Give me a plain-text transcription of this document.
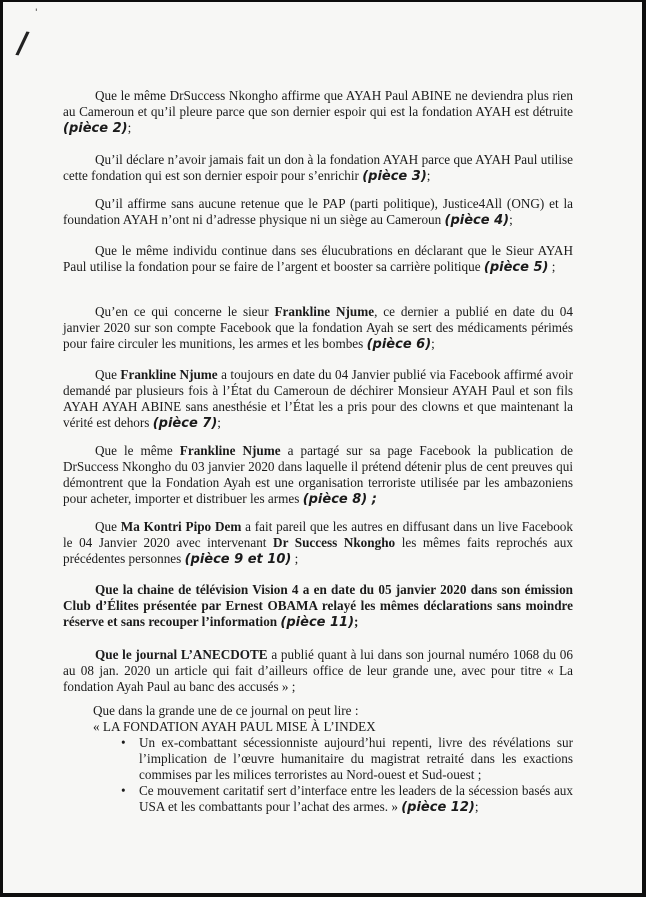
/
'
Que le même DrSuccess Nkongho affirme que AYAH Paul ABINE ne deviendra plus rien au Cameroun et qu’il pleure parce que son dernier espoir qui est la fondation AYAH est détruite (pièce 2);
Qu’il déclare n’avoir jamais fait un don à la fondation AYAH parce que AYAH Paul utilise cette fondation qui est son dernier espoir pour s’enrichir (pièce 3);
Qu’il affirme sans aucune retenue que le PAP (parti politique), Justice4All (ONG) et la foundation AYAH n’ont ni d’adresse physique ni un siège au Cameroun (pièce 4);
Que le même individu continue dans ses élucubrations en déclarant que le Sieur AYAH Paul utilise la fondation pour se faire de l’argent et booster sa carrière politique (pièce 5) ;
Qu’en ce qui concerne le sieur Frankline Njume, ce dernier a publié en date du 04 janvier 2020 sur son compte Facebook que la fondation Ayah se sert des médicaments périmés pour faire circuler les munitions, les armes et les bombes (pièce 6);
Que Frankline Njume a toujours en date du 04 Janvier publié via Facebook affirmé avoir demandé par plusieurs fois à l’État du Cameroun de déchirer Monsieur AYAH Paul et son fils AYAH AYAH ABINE sans anesthésie et l’État les a pris pour des clowns et que maintenant la vérité est dehors (pièce 7);
Que le même Frankline Njume a partagé sur sa page Facebook la publication de DrSuccess Nkongho du 03 janvier 2020 dans laquelle il prétend détenir plus de cent preuves qui démontrent que la Fondation Ayah est une organisation terroriste utilisée par les ambazoniens pour acheter, importer et distribuer les armes (pièce 8) ;
Que Ma Kontri Pipo Dem a fait pareil que les autres en diffusant dans un live Facebook le 04 Janvier 2020 avec intervenant Dr Success Nkongho les mêmes faits reprochés aux précédentes personnes (pièce 9 et 10) ;
Que la chaine de télévision Vision 4 a en date du 05 janvier 2020 dans son émission Club d’Élites présentée par Ernest OBAMA relayé les mêmes déclarations sans moindre réserve et sans recouper l’information (pièce 11);
Que le journal L’ANECDOTE a publié quant à lui dans son journal numéro 1068 du 06 au 08 jan. 2020 un article qui fait d’ailleurs office de leur grande une, avec pour titre « La fondation Ayah Paul au banc des accusés » ;
Que dans la grande une de ce journal on peut lire :
« LA FONDATION AYAH PAUL MISE À L’INDEX
• Un ex-combattant sécessionniste aujourd’hui repenti, livre des révélations sur l’implication de l’œuvre humanitaire du magistrat retraité dans les exactions commises par les milices terroristes au Nord-ouest et Sud-ouest ;
• Ce mouvement caritatif sert d’interface entre les leaders de la sécession basés aux USA et les combattants pour l’achat des armes. » (pièce 12);
